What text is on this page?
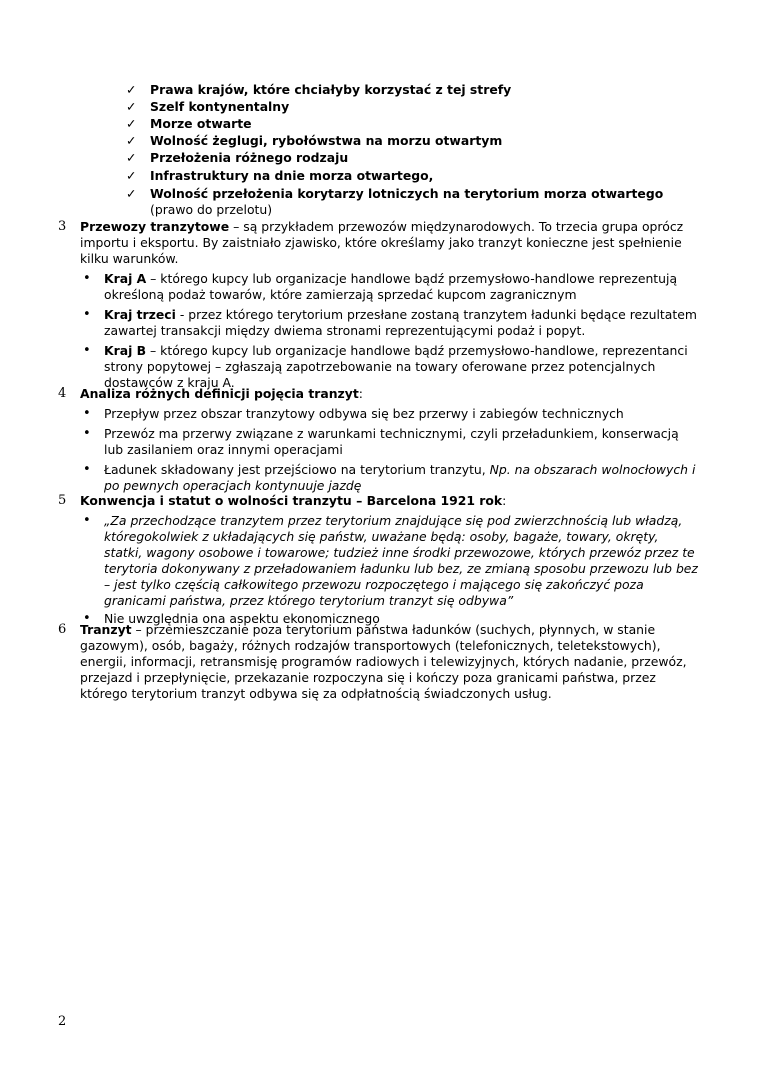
✓ Prawa krajów, które chciałyby korzystać z tej strefy
✓ Szelf kontynentalny
✓ Morze otwarte
✓ Wolność żeglugi, rybołówstwa na morzu otwartym
✓ Przełożenia różnego rodzaju
✓ Infrastruktury na dnie morza otwartego,
✓ Wolność przełożenia korytarzy lotniczych na terytorium morza otwartego
(prawo do przelotu)
3 Przewozy tranzytowe – są przykładem przewozów międzynarodowych. To trzecia grupa oprócz importu i eksportu. By zaistniało zjawisko, które określamy jako tranzyt konieczne jest spełnienie kilku warunków.

• Kraj A – którego kupcy lub organizacje handlowe bądź przemysłowo-handlowe reprezentują określoną podaż towarów, które zamierzają sprzedać kupcom zagranicznym
• Kraj trzeci - przez którego terytorium przesłane zostaną tranzytem ładunki będące rezultatem zawartej transakcji między dwiema stronami reprezentującymi podaż i popyt.
• Kraj B – którego kupcy lub organizacje handlowe bądź przemysłowo-handlowe, reprezentanci strony popytowej – zgłaszają zapotrzebowanie na towary oferowane przez potencjalnych dostawców z kraju A.
4 Analiza różnych definicji pojęcia tranzyt:

• Przepływ przez obszar tranzytowy odbywa się bez przerwy i zabiegów technicznych
• Przewóz ma przerwy związane z warunkami technicznymi, czyli przeładunkiem, konserwacją lub zasilaniem oraz innymi operacjami
• Ładunek składowany jest przejściowo na terytorium tranzytu, Np. na obszarach wolnocłowych i po pewnych operacjach kontynuuje jazdę
5 Konwencja i statut o wolności tranzytu – Barcelona 1921 rok:

• „Za przechodzące tranzytem przez terytorium znajdujące się pod zwierzchnością lub władzą, któregokolwiek z układających się państw, uważane będą: osoby, bagaże, towary, okręty, statki, wagony osobowe i towarowe; tudzież inne środki przewozowe, których przewóz przez te terytoria dokonywany z przeładowaniem ładunku lub bez, ze zmianą sposobu przewozu lub bez – jest tylko częścią całkowitego przewozu rozpoczętego i mającego się zakończyć poza granicami państwa, przez którego terytorium tranzyt się odbywa”
• Nie uwzględnia ona aspektu ekonomicznego
6 Tranzyt – przemieszczanie poza terytorium państwa ładunków (suchych, płynnych, w stanie gazowym), osób, bagaży, różnych rodzajów transportowych (telefonicznych, teletekstowych), energii, informacji, retransmisję programów radiowych i telewizyjnych, których nadanie, przewóz, przejazd i przepłynięcie, przekazanie rozpoczyna się i kończy poza granicami państwa, przez którego terytorium tranzyt odbywa się za odpłatnością świadczonych usług.

2
